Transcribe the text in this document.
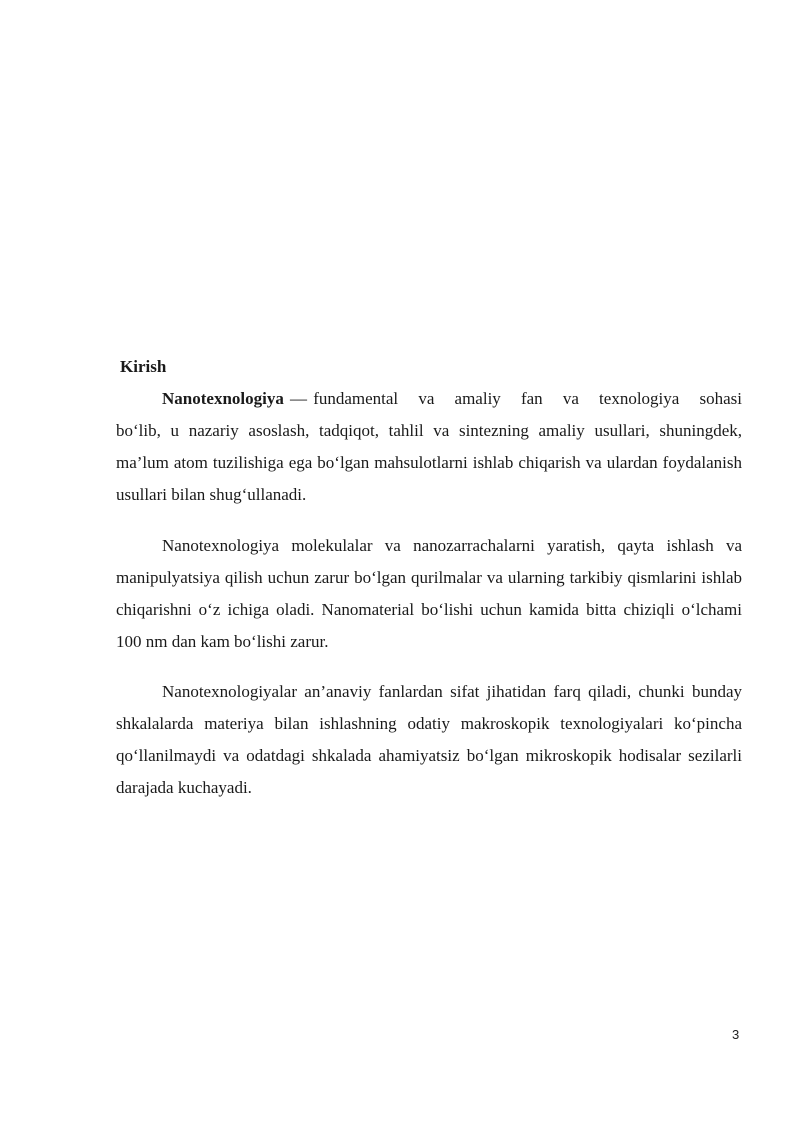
Kirish

Nanotexnologiya — fundamental va amaliy fan va texnologiya sohasi bo‘lib, u nazariy asoslash, tadqiqot, tahlil va sintezning amaliy usullari, shuningdek, ma’lum atom tuzilishiga ega bo‘lgan mahsulotlarni ishlab chiqarish va ulardan foydalanish usullari bilan shug‘ullanadi.

Nanotexnologiya molekulalar va nanozarrachalarni yaratish, qayta ishlash va manipulyatsiya qilish uchun zarur bo‘lgan qurilmalar va ularning tarkibiy qismlarini ishlab chiqarishni o‘z ichiga oladi. Nanomaterial bo‘lishi uchun kamida bitta chiziqli o‘lchami 100 nm dan kam bo‘lishi zarur.

Nanotexnologiyalar an’anaviy fanlardan sifat jihatidan farq qiladi, chunki bunday shkalalarda materiya bilan ishlashning odatiy makroskopik texnologiyalari ko‘pincha qo‘llanilmaydi va odatdagi shkalada ahamiyatsiz bo‘lgan mikroskopik hodisalar sezilarli darajada kuchayadi.

3
